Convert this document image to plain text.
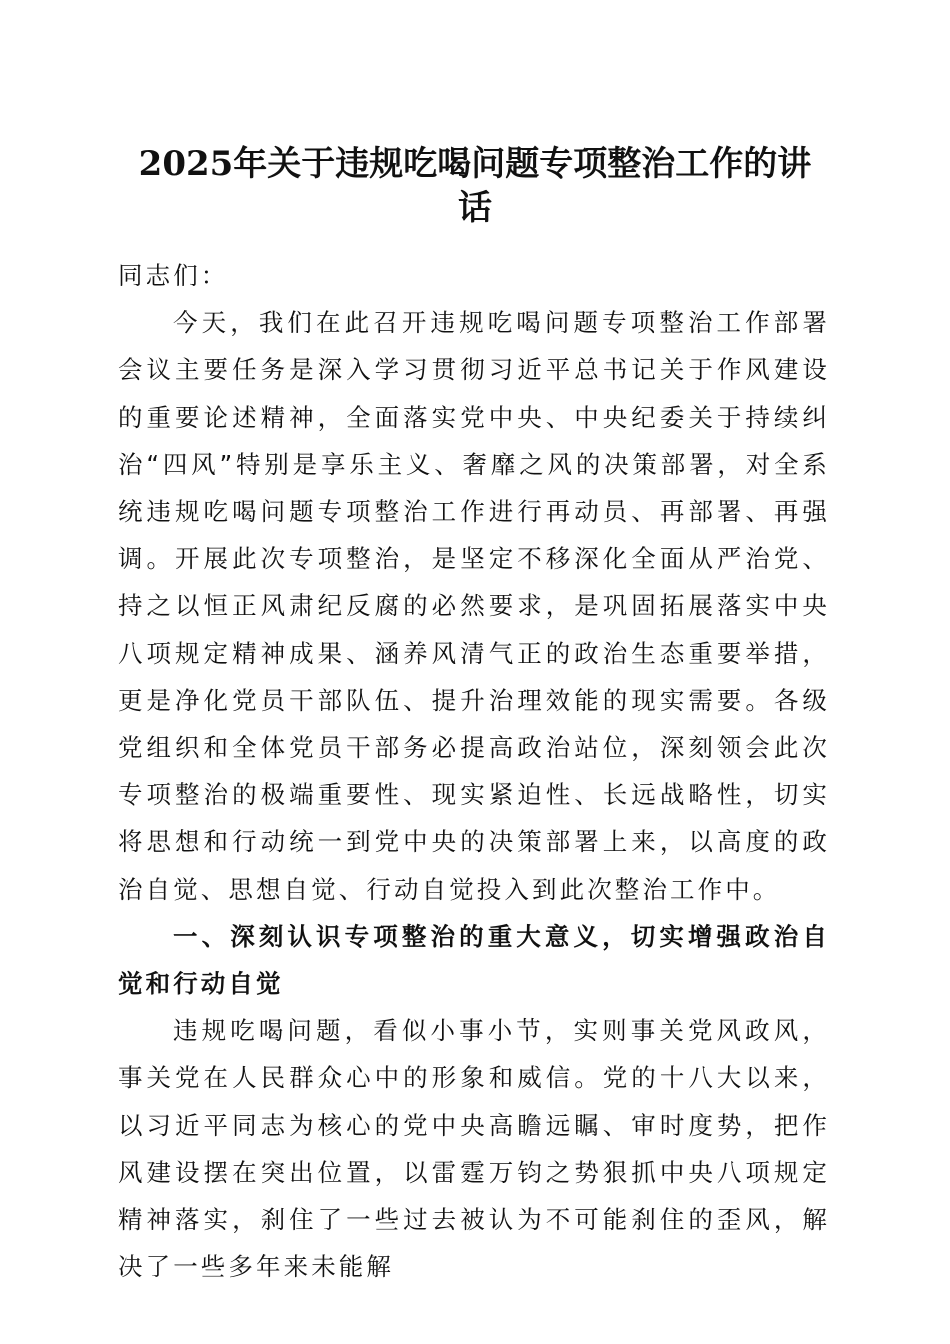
2025年关于违规吃喝问题专项整治工作的讲
话

同志们：

今天，我们在此召开违规吃喝问题专项整治工作部署会议主要任务是深入学习贯彻习近平总书记关于作风建设的重要论述精神，全面落实党中央、中央纪委关于持续纠治“四风”特别是享乐主义、奢靡之风的决策部署，对全系统违规吃喝问题专项整治工作进行再动员、再部署、再强调。开展此次专项整治，是坚定不移深化全面从严治党、持之以恒正风肃纪反腐的必然要求，是巩固拓展落实中央八项规定精神成果、涵养风清气正的政治生态重要举措，更是净化党员干部队伍、提升治理效能的现实需要。各级党组织和全体党员干部务必提高政治站位，深刻领会此次专项整治的极端重要性、现实紧迫性、长远战略性，切实将思想和行动统一到党中央的决策部署上来，以高度的政治自觉、思想自觉、行动自觉投入到此次整治工作中。

一、深刻认识专项整治的重大意义，切实增强政治自觉和行动自觉

违规吃喝问题，看似小事小节，实则事关党风政风，事关党在人民群众心中的形象和威信。党的十八大以来，以习近平同志为核心的党中央高瞻远瞩、审时度势，把作风建设摆在突出位置，以雷霆万钧之势狠抓中央八项规定精神落实，刹住了一些过去被认为不可能刹住的歪风，解决了一些多年来未能解
